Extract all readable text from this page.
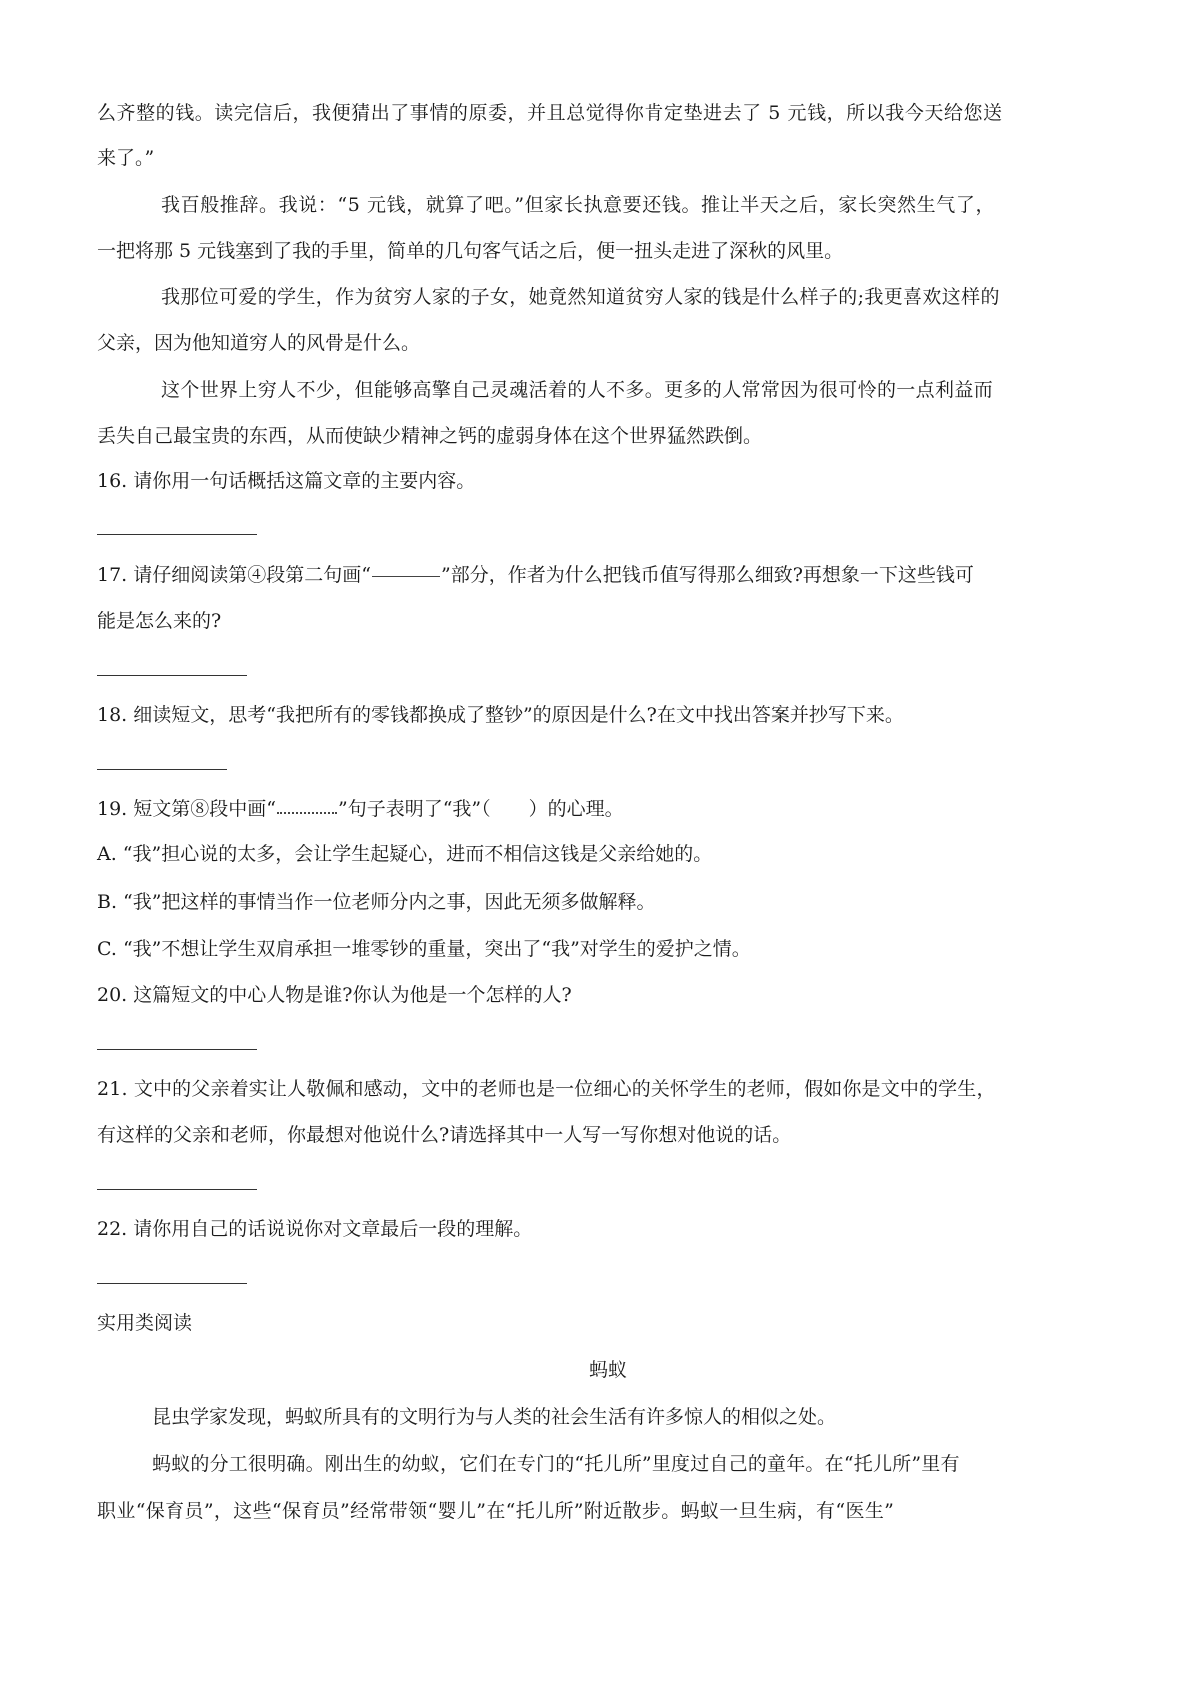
么齐整的钱。读完信后，我便猜出了事情的原委，并且总觉得你肯定垫进去了 5 元钱，所以我今天给您送
来了。”
我百般推辞。我说：“5 元钱，就算了吧。”但家长执意要还钱。推让半天之后，家长突然生气了，
一把将那 5 元钱塞到了我的手里，简单的几句客气话之后，便一扭头走进了深秋的风里。
我那位可爱的学生，作为贫穷人家的子女，她竟然知道贫穷人家的钱是什么样子的;我更喜欢这样的
父亲，因为他知道穷人的风骨是什么。
这个世界上穷人不少，但能够高擎自己灵魂活着的人不多。更多的人常常因为很可怜的一点利益而
丢失自己最宝贵的东西，从而使缺少精神之钙的虚弱身体在这个世界猛然跌倒。
16. 请你用一句话概括这篇文章的主要内容。
17. 请仔细阅读第④段第二句画“	”部分，作者为什么把钱币值写得那么细致?再想象一下这些钱可
能是怎么来的?
18. 细读短文，思考“我把所有的零钱都换成了整钞”的原因是什么?在文中找出答案并抄写下来。
19. 短文第⑧段中画“	”句子表明了“我”（　　）的心理。
A. “我”担心说的太多，会让学生起疑心，进而不相信这钱是父亲给她的。
B. “我”把这样的事情当作一位老师分内之事，因此无须多做解释。
C. “我”不想让学生双肩承担一堆零钞的重量，突出了“我”对学生的爱护之情。
20. 这篇短文的中心人物是谁?你认为他是一个怎样的人?
21. 文中的父亲着实让人敬佩和感动，文中的老师也是一位细心的关怀学生的老师，假如你是文中的学生，
有这样的父亲和老师，你最想对他说什么?请选择其中一人写一写你想对他说的话。
22. 请你用自己的话说说你对文章最后一段的理解。
实用类阅读
蚂蚁
昆虫学家发现，蚂蚁所具有的文明行为与人类的社会生活有许多惊人的相似之处。
蚂蚁的分工很明确。刚出生的幼蚁，它们在专门的“托儿所”里度过自己的童年。在“托儿所”里有
职业“保育员”，这些“保育员”经常带领“婴儿”在“托儿所”附近散步。蚂蚁一旦生病，有“医生”
